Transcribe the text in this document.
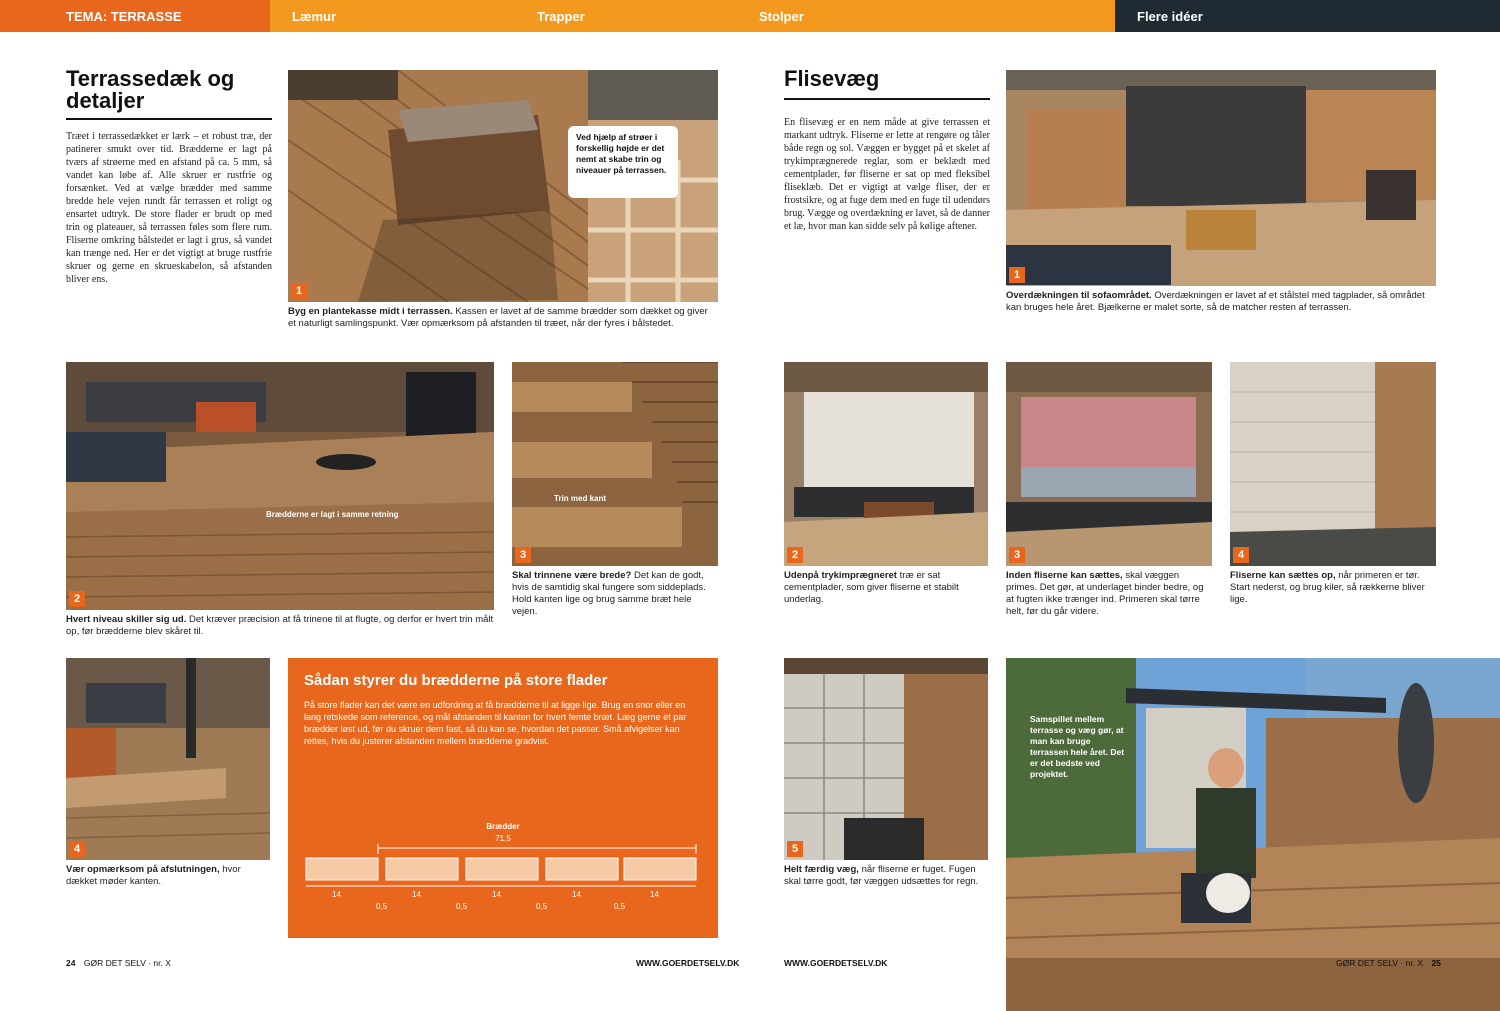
TEMA: TERRASSE	Læmur	Trapper	Stolper	Flere idéer
Terrassedæk og detaljer
Træet i terrassedækket er lærk – et robust træ, der patinerer smukt over tid. Brædderne er lagt på tværs af strøerne med en afstand på ca. 5 mm, så vandet kan løbe af. Alle skruer er rustfrie og forsænket. Ved at vælge brædder med samme bredde hele vejen rundt får terrassen et roligt og ensartet udtryk. De store flader er brudt op med trin og plateauer, så terrassen føles som flere rum. Fliserne omkring bålstedet er lagt i grus, så vandet kan trænge ned. Her er det vigtigt at bruge rustfrie skruer og gerne en skrueskabelon, så afstanden bliver ens.
Ved hjælp af strøer i forskellig højde er det nemt at skabe trin og niveauer på terrassen.
1
Byg en plantekasse midt i terrassen. Kassen er lavet af de samme brædder som dækket og giver et naturligt samlingspunkt. Vær opmærksom på afstanden til træet, når der fyres i bålstedet.
Brædderne er lagt i samme retning
2
Hvert niveau skiller sig ud. Det kræver præcision at få trinene til at flugte, og derfor er hvert trin målt op, før brædderne blev skåret til.
Trin med kant
3
Skal trinnene være brede? Det kan de godt, hvis de samtidig skal fungere som siddeplads. Hold kanten lige og brug samme bræt hele vejen.
4
Vær opmærksom på afslutningen, hvor dækket møder kanten.
Sådan styrer du brædderne på store flader

På store flader kan det være en udfordring at få brædderne til at ligge lige. Brug en snor eller en lang retskede som reference, og mål afstanden til kanten for hvert femte bræt. Læg gerne et par brædder løst ud, før du skruer dem fast, så du kan se, hvordan det passer. Små afvigelser kan rettes, hvis du justerer afstanden mellem brædderne gradvist.

Brædder
71,5
14	14	14	14	14
0,5	0,5	0,5	0,5
24 GØR DET SELV · nr. X	WWW.GOERDETSELV.DK
Flisevæg
En flisevæg er en nem måde at give terrassen et markant udtryk. Fliserne er lette at rengøre og tåler både regn og sol. Væggen er bygget på et skelet af trykimprægnerede reglar, som er beklædt med cementplader, før fliserne er sat op med fleksibel fliseklæb. Det er vigtigt at vælge fliser, der er frostsikre, og at fuge dem med en fuge til udendørs brug. Vægge og overdækning er lavet, så de danner et læ, hvor man kan sidde selv på kølige aftener.
1
Overdækningen til sofaområdet. Overdækningen er lavet af et stålstel med tagplader, så området kan bruges hele året. Bjælkerne er malet sorte, så de matcher resten af terrassen.
2
Udenpå trykimprægneret træ er sat cementplader, som giver fliserne et stabilt underlag.
3
Inden fliserne kan sættes, skal væggen primes. Det gør, at underlaget binder bedre, og at fugten ikke trænger ind. Primeren skal tørre helt, før du går videre.
4
Fliserne kan sættes op, når primeren er tør. Start nederst, og brug kiler, så rækkerne bliver lige.
5
Helt færdig væg, når fliserne er fuget. Fugen skal tørre godt, før væggen udsættes for regn.
Samspillet mellem terrasse og væg gør, at man kan bruge terrassen hele året. Det er det bedste ved projektet.
WWW.GOERDETSELV.DK	GØR DET SELV · nr. X 25
